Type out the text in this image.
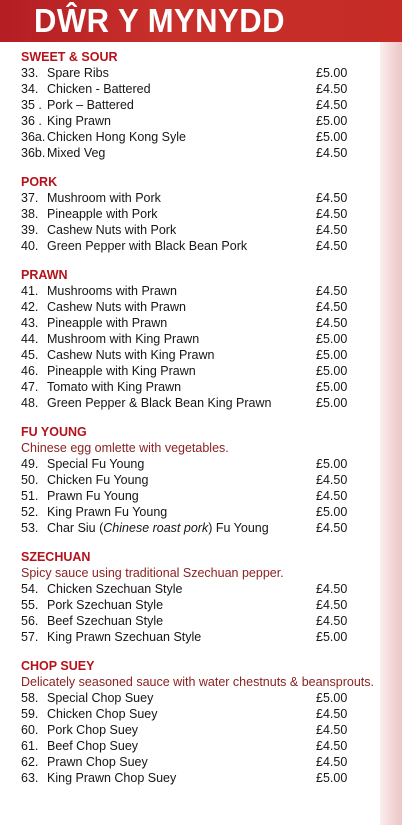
DŴR Y MYNYDD
SWEET & SOUR
33. Spare Ribs	£5.00
34. Chicken - Battered	£4.50
35 . Pork – Battered	£4.50
36 . King Prawn	£5.00
36a. Chicken Hong Kong Syle	£5.00
36b. Mixed Veg	£4.50
PORK
37. Mushroom with Pork	£4.50
38. Pineapple with Pork	£4.50
39. Cashew Nuts with Pork	£4.50
40. Green Pepper with Black Bean Pork	£4.50
PRAWN
41. Mushrooms with Prawn	£4.50
42. Cashew Nuts with Prawn	£4.50
43. Pineapple with Prawn	£4.50
44. Mushroom with King Prawn	£5.00
45. Cashew Nuts with King Prawn	£5.00
46. Pineapple with King Prawn	£5.00
47. Tomato with King Prawn	£5.00
48. Green Pepper & Black Bean King Prawn	£5.00
FU YOUNG
Chinese egg omlette with vegetables.
49. Special Fu Young	£5.00
50. Chicken Fu Young	£4.50
51. Prawn Fu Young	£4.50
52. King Prawn Fu Young	£5.00
53. Char Siu (Chinese roast pork) Fu Young	£4.50
SZECHUAN
Spicy sauce using traditional Szechuan pepper.
54. Chicken Szechuan Style	£4.50
55. Pork Szechuan Style	£4.50
56. Beef Szechuan Style	£4.50
57. King Prawn Szechuan Style	£5.00
CHOP SUEY
Delicately seasoned sauce with water chestnuts & beansprouts.
58. Special Chop Suey	£5.00
59. Chicken Chop Suey	£4.50
60. Pork Chop Suey	£4.50
61. Beef Chop Suey	£4.50
62. Prawn Chop Suey	£4.50
63. King Prawn Chop Suey	£5.00
